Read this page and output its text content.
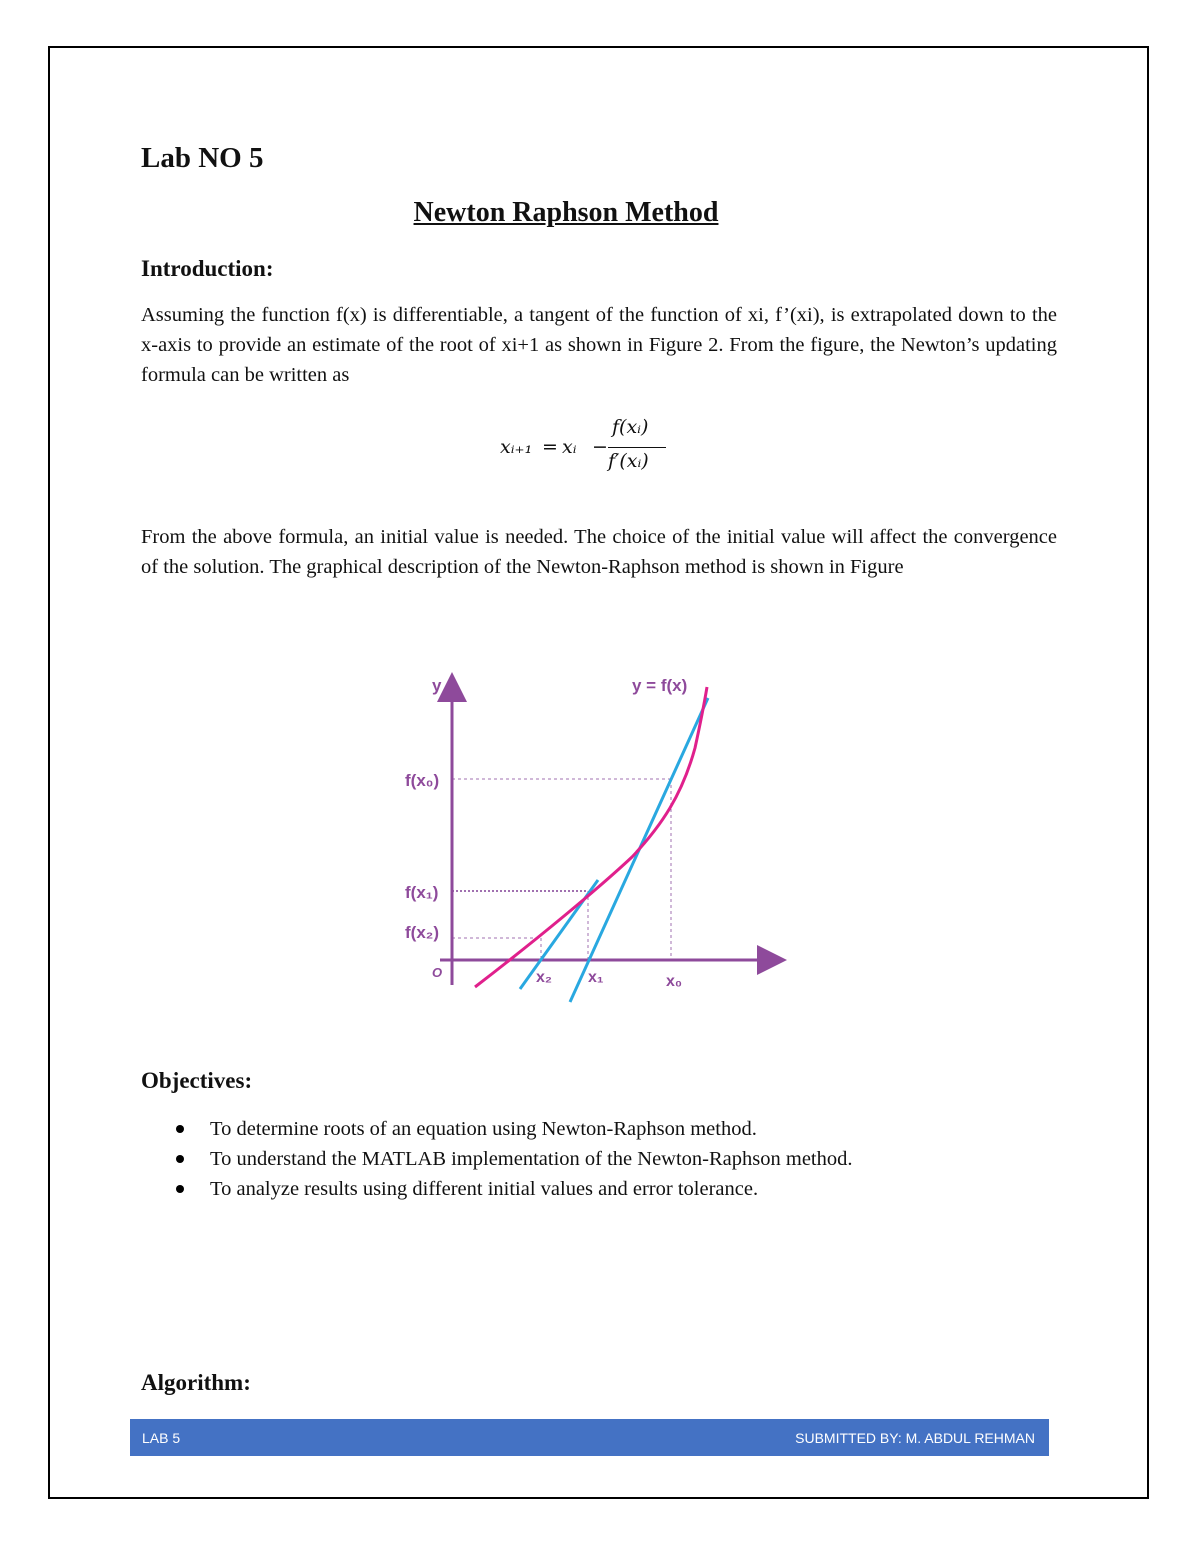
Lab NO 5
Newton Raphson Method
Introduction:

Assuming the function f(x) is differentiable, a tangent of the function of xi, f’(xi), is extrapolated down to the x-axis to provide an estimate of the root of xi+1 as shown in Figure 2. From the figure, the Newton’s updating formula can be written as

xᵢ₊₁ = xᵢ −
f(xᵢ)
f′(xᵢ)

From the above formula, an initial value is needed. The choice of the initial value will affect the convergence of the solution. The graphical description of the Newton-Raphson method is shown in Figure

y	y = f(x)
O
f(x₀)
f(x₁)
f(x₂)
x₂ x₁	x₀
Objectives:
To determine roots of an equation using Newton-Raphson method.
To understand the MATLAB implementation of the Newton-Raphson method.
To analyze results using different initial values and error tolerance.
Algorithm:
LAB 5	SUBMITTED BY: M. ABDUL REHMAN
